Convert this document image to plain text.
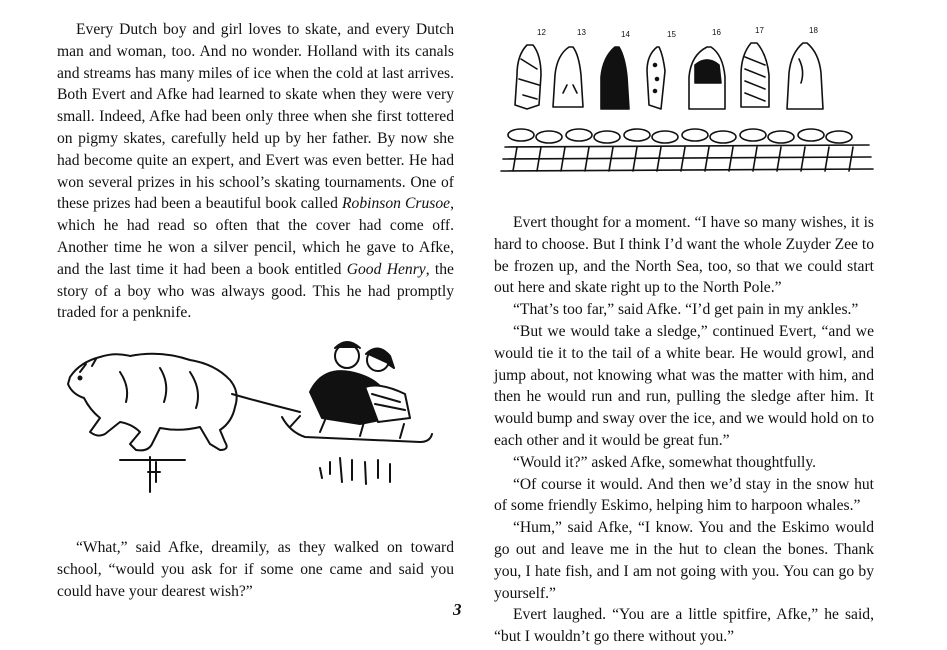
Every Dutch boy and girl loves to skate, and every Dutch man and woman, too. And no wonder. Holland with its canals and streams has many miles of ice when the cold at last arrives. Both Evert and Afke had learned to skate when they were very small. Indeed, Afke had been only three when she first tottered on pigmy skates, carefully held up by her father. By now she had become quite an expert, and Evert was even better. He had won several prizes in his school’s skating tournaments. One of these prizes had been a beautiful book called Robinson Crusoe, which he had read so often that the cover had come off. Another time he won a silver pencil, which he gave to Afke, and the last time it had been a book entitled Good Henry, the story of a boy who was always good. This he had promptly traded for a penknife.

“What,” said Afke, dreamily, as they walked on toward school, “would you ask for if some one came and said you could have your dearest wish?”

12	13	14	15	16	17	18

Evert thought for a moment. “I have so many wishes, it is hard to choose. But I think I’d want the whole Zuyder Zee to be frozen up, and the North Sea, too, so that we could start out here and skate right up to the North Pole.”

“That’s too far,” said Afke. “I’d get pain in my ankles.”

“But we would take a sledge,” continued Evert, “and we would tie it to the tail of a white bear. He would growl, and jump about, not knowing what was the matter with him, and then he would run and run, pulling the sledge after him. It would bump and sway over the ice, and we would hold on to each other and it would be great fun.”

“Would it?” asked Afke, somewhat thoughtfully.

“Of course it would. And then we’d stay in the snow hut of some friendly Eskimo, helping him to harpoon whales.”

“Hum,” said Afke, “I know. You and the Eskimo would go out and leave me in the hut to clean the bones. Thank you, I hate fish, and I am not going with you. You can go by yourself.”

Evert laughed. “You are a little spitfire, Afke,” he said, “but I wouldn’t go there without you.”

3
